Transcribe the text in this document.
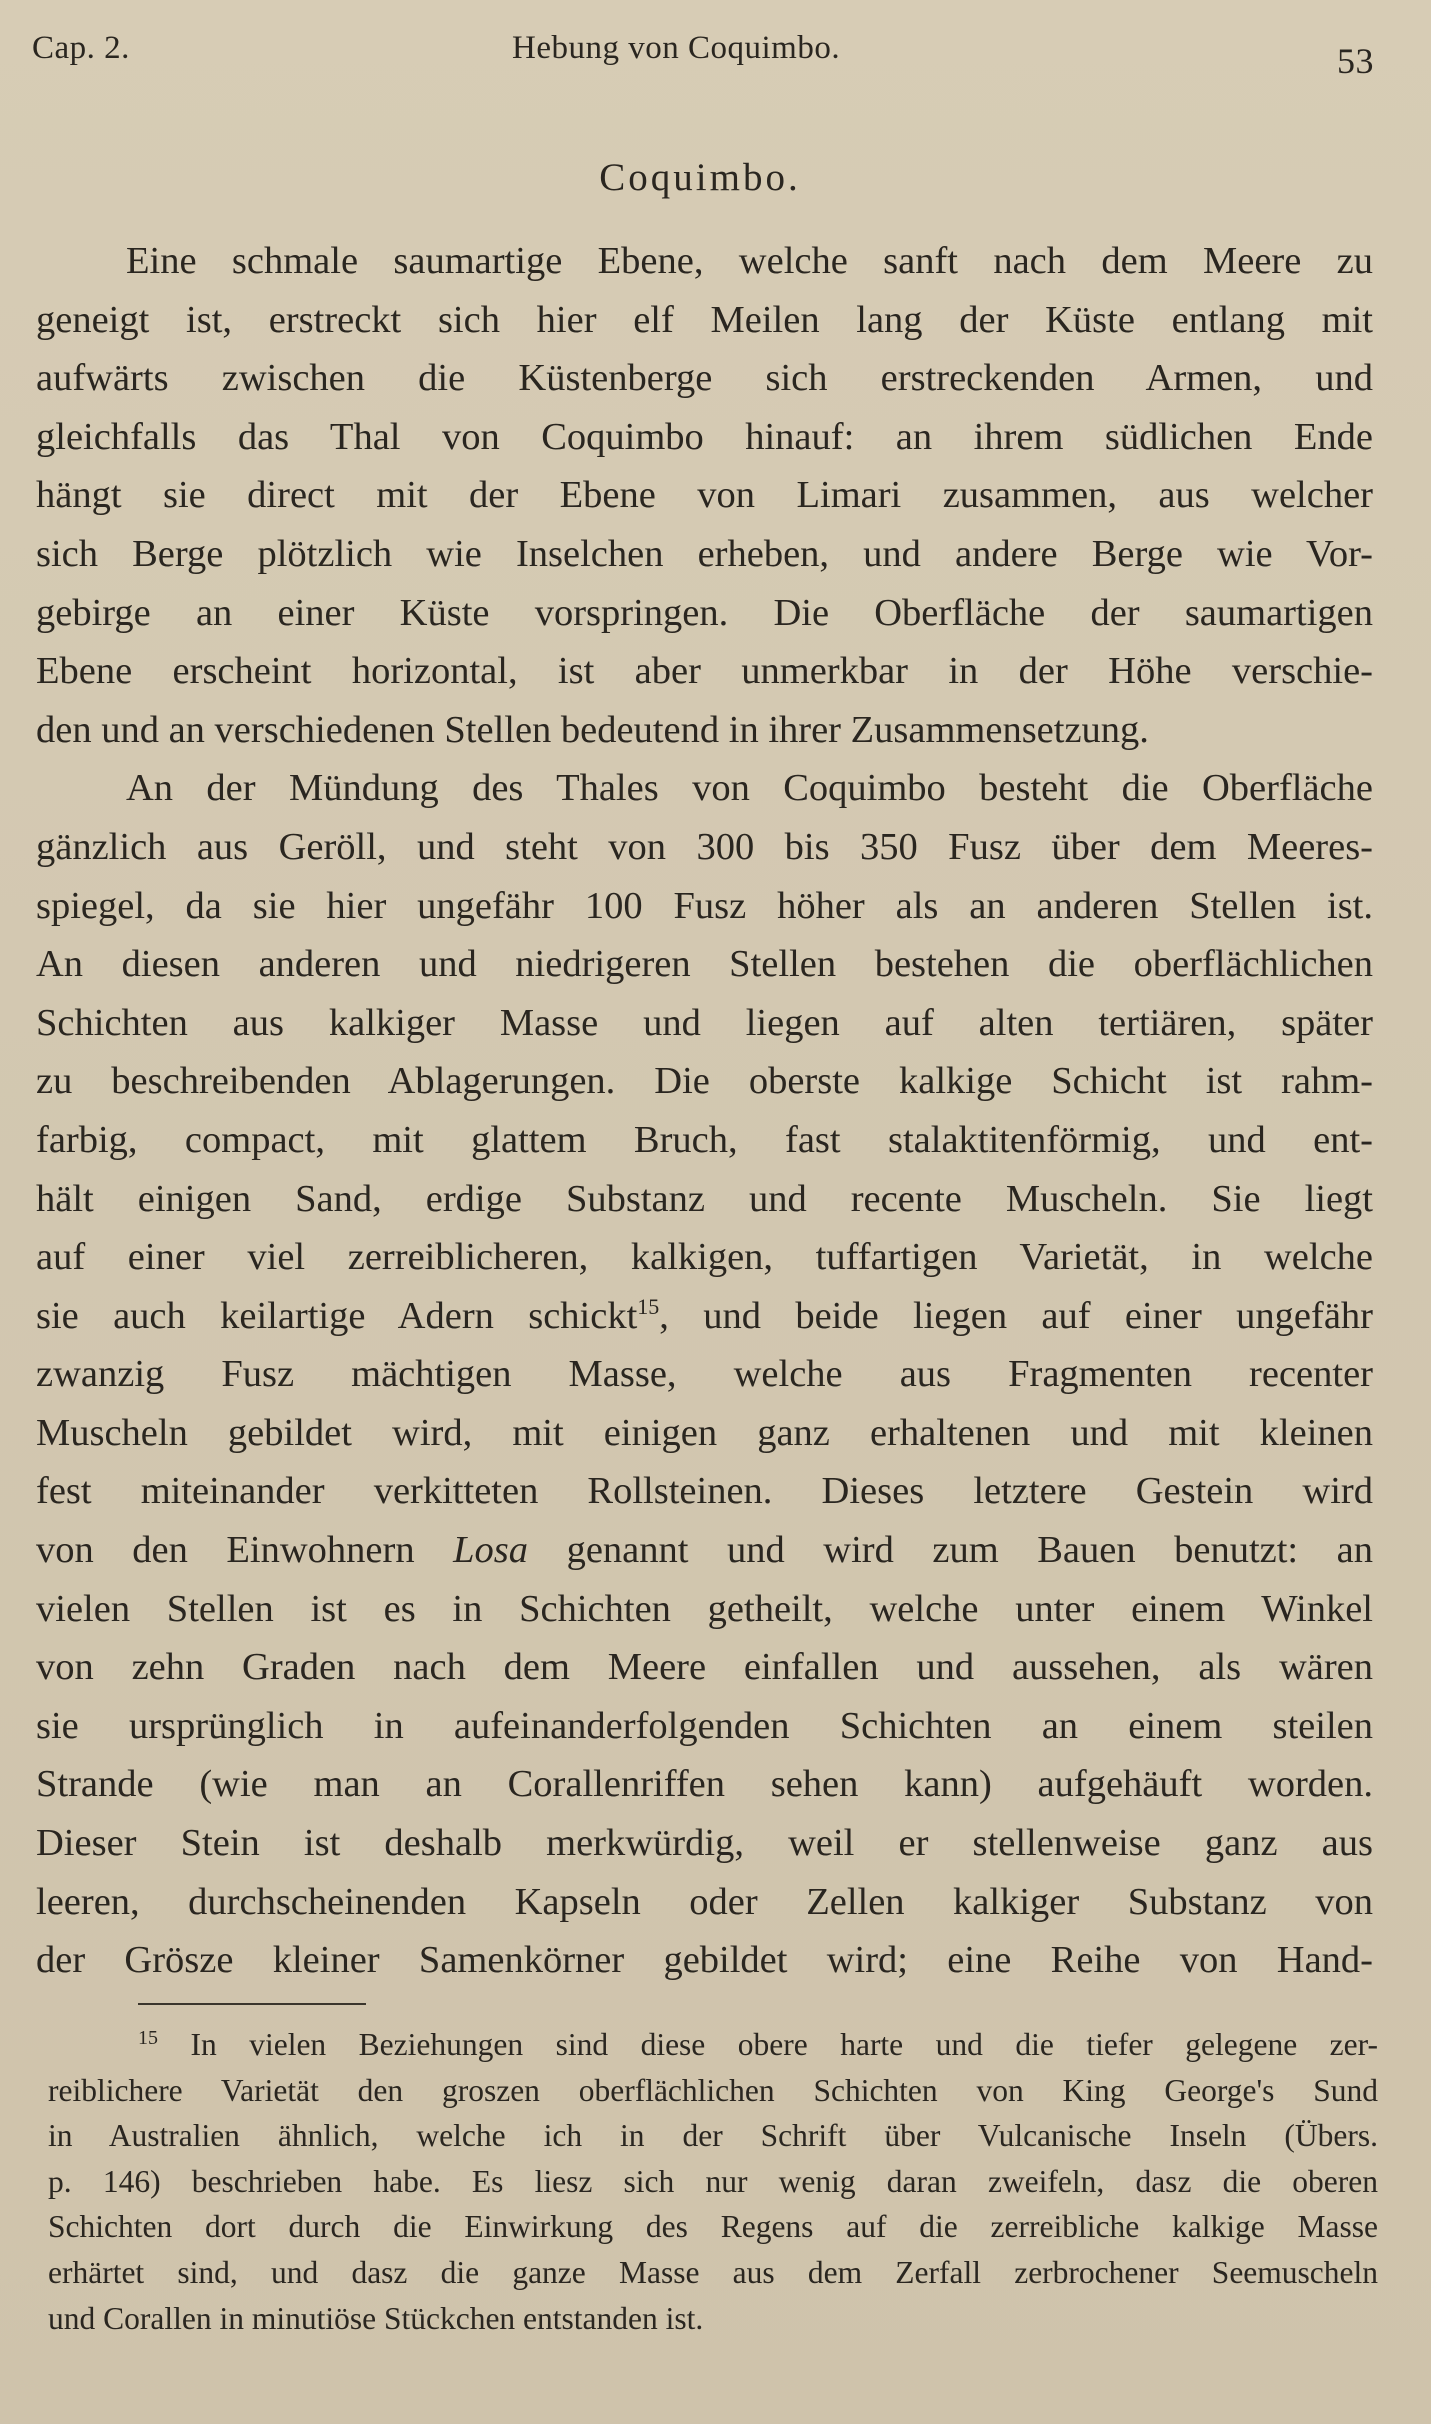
Cap. 2.	Hebung von Coquimbo.	53
Coquimbo.
Eine schmale saumartige Ebene, welche sanft nach dem Meere zu
geneigt ist, erstreckt sich hier elf Meilen lang der Küste entlang mit
aufwärts zwischen die Küstenberge sich erstreckenden Armen, und
gleichfalls das Thal von Coquimbo hinauf: an ihrem südlichen Ende
hängt sie direct mit der Ebene von Limari zusammen, aus welcher
sich Berge plötzlich wie Inselchen erheben, und andere Berge wie Vor-
gebirge an einer Küste vorspringen. Die Oberfläche der saumartigen
Ebene erscheint horizontal, ist aber unmerkbar in der Höhe verschie-
den und an verschiedenen Stellen bedeutend in ihrer Zusammensetzung.
An der Mündung des Thales von Coquimbo besteht die Oberfläche
gänzlich aus Geröll, und steht von 300 bis 350 Fusz über dem Meeres-
spiegel, da sie hier ungefähr 100 Fusz höher als an anderen Stellen ist.
An diesen anderen und niedrigeren Stellen bestehen die oberflächlichen
Schichten aus kalkiger Masse und liegen auf alten tertiären, später
zu beschreibenden Ablagerungen. Die oberste kalkige Schicht ist rahm-
farbig, compact, mit glattem Bruch, fast stalaktitenförmig, und ent-
hält einigen Sand, erdige Substanz und recente Muscheln. Sie liegt
auf einer viel zerreiblicheren, kalkigen, tuffartigen Varietät, in welche
sie auch keilartige Adern schickt$^{15}$, und beide liegen auf einer ungefähr
zwanzig Fusz mächtigen Masse, welche aus Fragmenten recenter
Muscheln gebildet wird, mit einigen ganz erhaltenen und mit kleinen
fest miteinander verkitteten Rollsteinen. Dieses letztere Gestein wird
von den Einwohnern Losa genannt und wird zum Bauen benutzt: an
vielen Stellen ist es in Schichten getheilt, welche unter einem Winkel
von zehn Graden nach dem Meere einfallen und aussehen, als wären
sie ursprünglich in aufeinanderfolgenden Schichten an einem steilen
Strande (wie man an Corallenriffen sehen kann) aufgehäuft worden.
Dieser Stein ist deshalb merkwürdig, weil er stellenweise ganz aus
leeren, durchscheinenden Kapseln oder Zellen kalkiger Substanz von
der Grösze kleiner Samenkörner gebildet wird; eine Reihe von Hand-
$^{15}$ In vielen Beziehungen sind diese obere harte und die tiefer gelegene zer-
reiblichere Varietät den groszen oberflächlichen Schichten von King George's Sund
in Australien ähnlich, welche ich in der Schrift über Vulcanische Inseln (Übers.
p. 146) beschrieben habe. Es liesz sich nur wenig daran zweifeln, dasz die oberen
Schichten dort durch die Einwirkung des Regens auf die zerreibliche kalkige Masse
erhärtet sind, und dasz die ganze Masse aus dem Zerfall zerbrochener Seemuscheln
und Corallen in minutiöse Stückchen entstanden ist.
